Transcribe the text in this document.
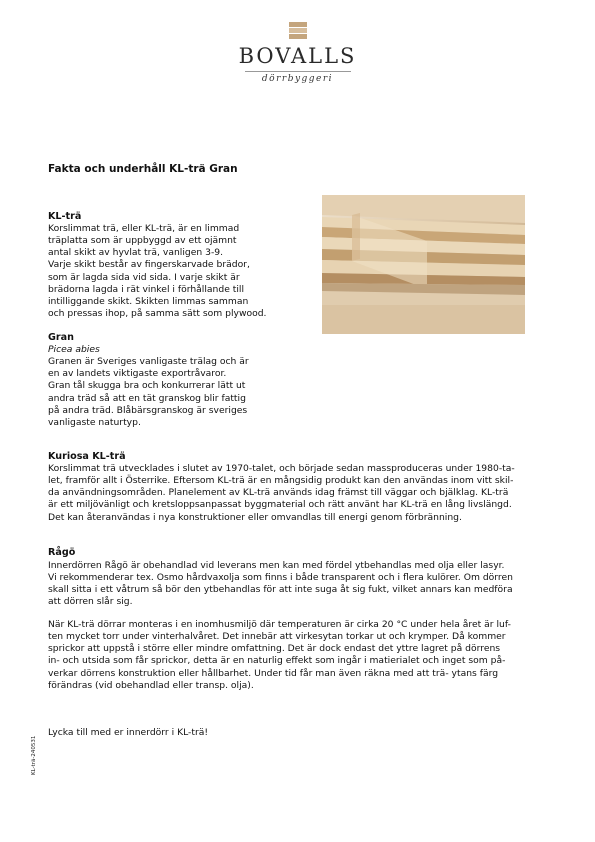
BOVALLS
dörrbyggeri
Fakta och underhåll KL-trä Gran
KL-trä

Korslimmat trä, eller KL-trä, är en limmad
träplatta som är uppbyggd av ett ojämnt
antal skikt av hyvlat trä, vanligen 3-9.
Varje skikt består av fingerskarvade brädor,
som är lagda sida vid sida. I varje skikt är
brädorna lagda i rät vinkel i förhållande till
intilliggande skikt. Skikten limmas samman
och pressas ihop, på samma sätt som plywood.

Gran

Picea abies
Granen är Sveriges vanligaste trälag och är
en av landets viktigaste exportråvaror.
Gran tål skugga bra och konkurrerar lätt ut
andra träd så att en tät granskog blir fattig
på andra träd. Blåbärsgranskog är sveriges
vanligaste naturtyp.

Kuriosa KL-trä

Korslimmat trä utvecklades i slutet av 1970-talet, och började sedan massproduceras under 1980-ta-
let, framför allt i Österrike. Eftersom KL-trä är en mångsidig produkt kan den användas inom vitt skil-
da användningsområden. Planelement av KL-trä används idag främst till väggar och bjälklag. KL-trä
är ett miljövänligt och kretsloppsanpassat byggmaterial och rätt använt har KL-trä en lång livslängd.
Det kan återanvändas i nya konstruktioner eller omvandlas till energi genom förbränning.

Rågö

Innerdörren Rågö är obehandlad vid leverans men kan med fördel ytbehandlas med olja eller lasyr.
Vi rekommenderar tex. Osmo hårdvaxolja som finns i både transparent och i flera kulörer. Om dörren
skall sitta i ett våtrum så bör den ytbehandlas för att inte suga åt sig fukt, vilket annars kan medföra
att dörren slår sig.

När KL-trä dörrar monteras i en inomhusmiljö där temperaturen är cirka 20 °C under hela året är luf-
ten mycket torr under vinterhalvåret. Det innebär att virkesytan torkar ut och krymper. Då kommer
sprickor att uppstå i större eller mindre omfattning. Det är dock endast det yttre lagret på dörrens
in- och utsida som får sprickor, detta är en naturlig effekt som ingår i matierialet och inget som på-
verkar dörrens konstruktion eller hållbarhet. Under tid får man även räkna med att trä- ytans färg
förändras (vid obehandlad eller transp. olja).

Lycka till med er innerdörr i KL-trä!

KL-trä-240531
